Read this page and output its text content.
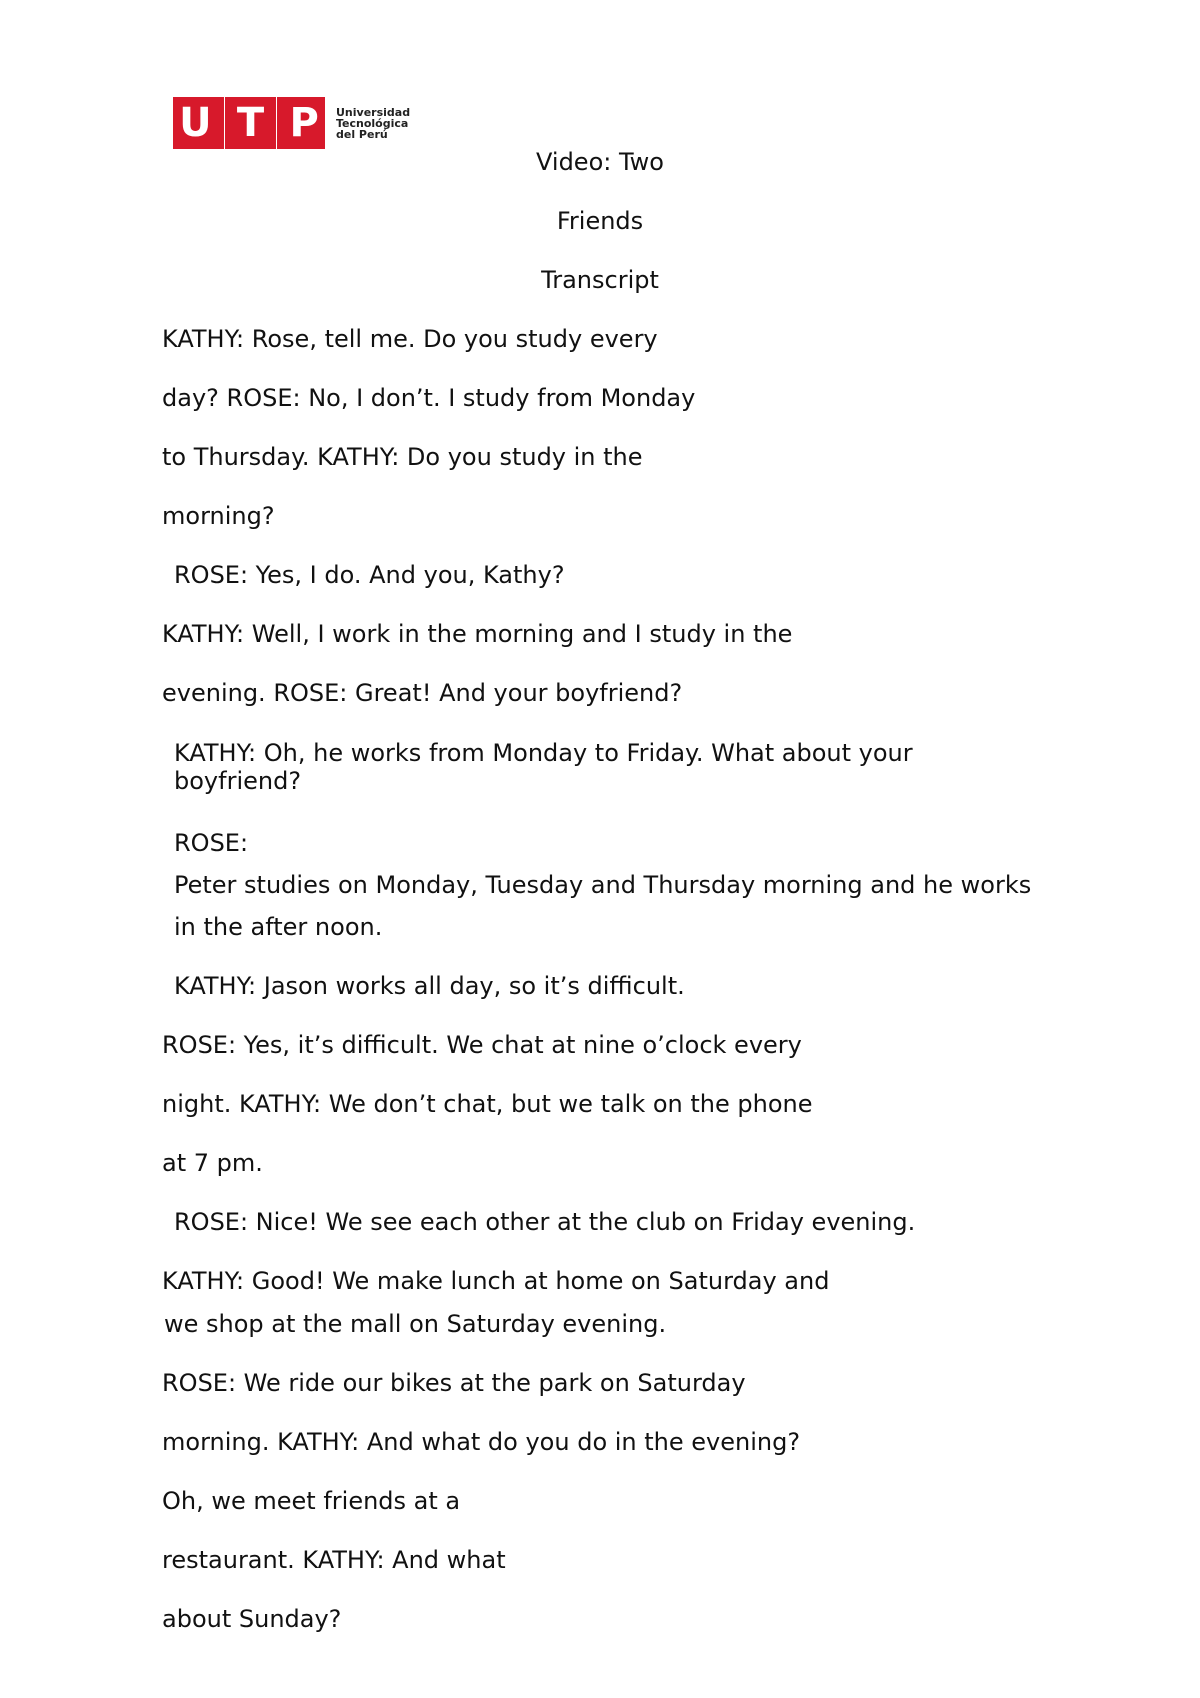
U T P Universidad
Tecnológica
del Perú

Video: Two

Friends

Transcript

KATHY: Rose, tell me. Do you study every

day? ROSE: No, I don’t. I study from Monday

to Thursday. KATHY: Do you study in the

morning?

ROSE: Yes, I do. And you, Kathy?

KATHY: Well, I work in the morning and I study in the

evening. ROSE: Great! And your boyfriend?

KATHY: Oh, he works from Monday to Friday. What about your

boyfriend?

ROSE:

Peter studies on Monday, Tuesday and Thursday morning and he works

in the after noon.

KATHY: Jason works all day, so it’s difficult.

ROSE: Yes, it’s difficult. We chat at nine o’clock every

night. KATHY: We don’t chat, but we talk on the phone

at 7 pm.

ROSE: Nice! We see each other at the club on Friday evening.

KATHY: Good! We make lunch at home on Saturday and

we shop at the mall on Saturday evening.

ROSE: We ride our bikes at the park on Saturday

morning. KATHY: And what do you do in the evening?

Oh, we meet friends at a

restaurant. KATHY: And what

about Sunday?
